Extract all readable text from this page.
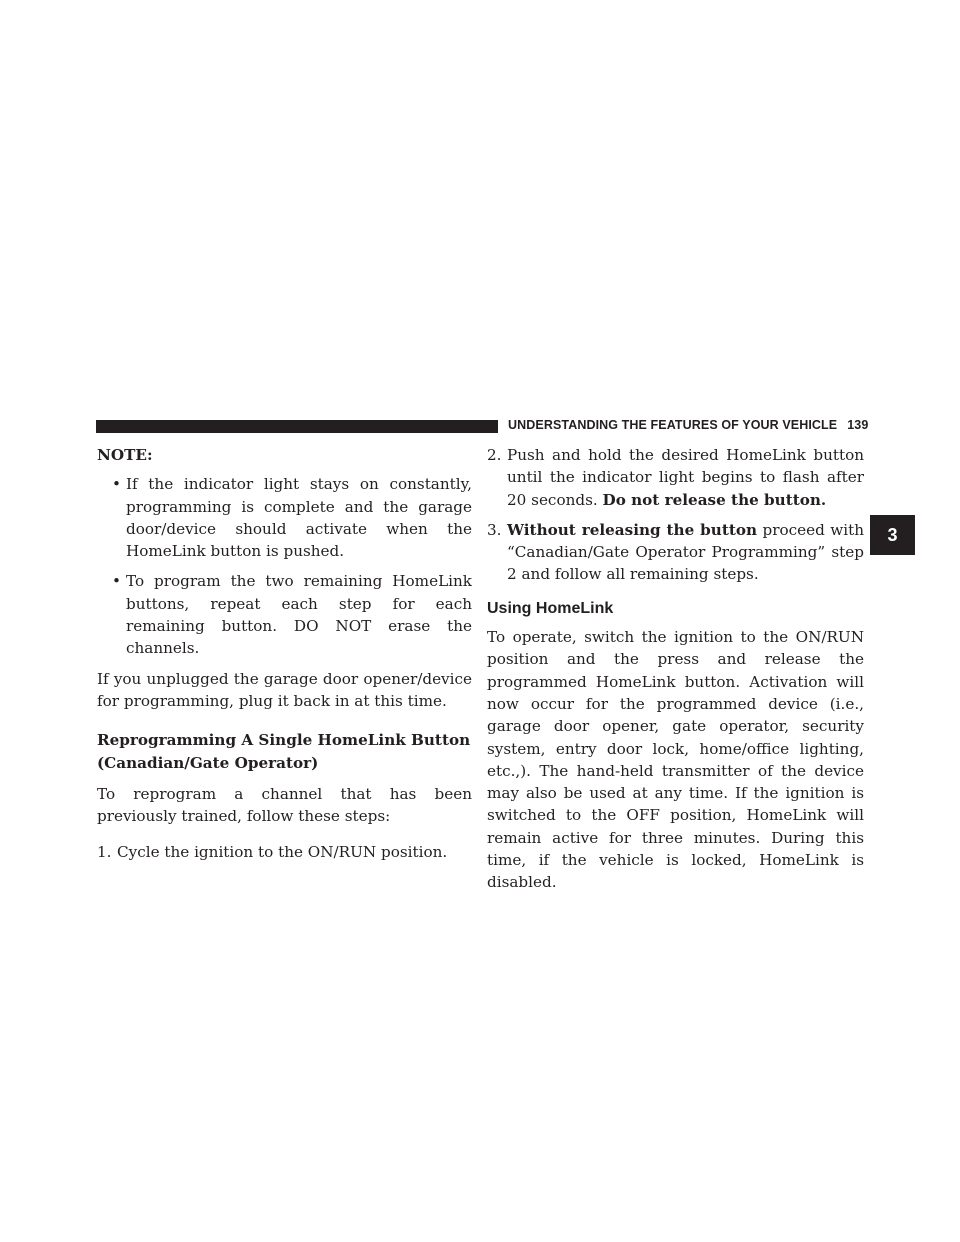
UNDERSTANDING THE FEATURES OF YOUR VEHICLE 139
3

NOTE:

• If the indicator light stays on constantly, programming is complete and the garage door/device should activate when the HomeLink button is pushed.
• To program the two remaining HomeLink buttons, repeat each step for each remaining button. DO NOT erase the channels.

If you unplugged the garage door opener/device for programming, plug it back in at this time.

Reprogramming A Single HomeLink Button
(Canadian/Gate Operator)

To reprogram a channel that has been previously trained, follow these steps:

1. Cycle the ignition to the ON/RUN position.
2. Push and hold the desired HomeLink button until the indicator light begins to flash after 20 seconds. Do not release the button.
3. Without releasing the button proceed with “Canadian/Gate Operator Programming” step 2 and follow all remaining steps.

Using HomeLink

To operate, switch the ignition to the ON/RUN position and the press and release the programmed HomeLink button. Activation will now occur for the programmed device (i.e., garage door opener, gate operator, security system, entry door lock, home/office lighting, etc.,). The hand-held transmitter of the device may also be used at any time. If the ignition is switched to the OFF position, HomeLink will remain active for three minutes. During this time, if the vehicle is locked, HomeLink is disabled.
